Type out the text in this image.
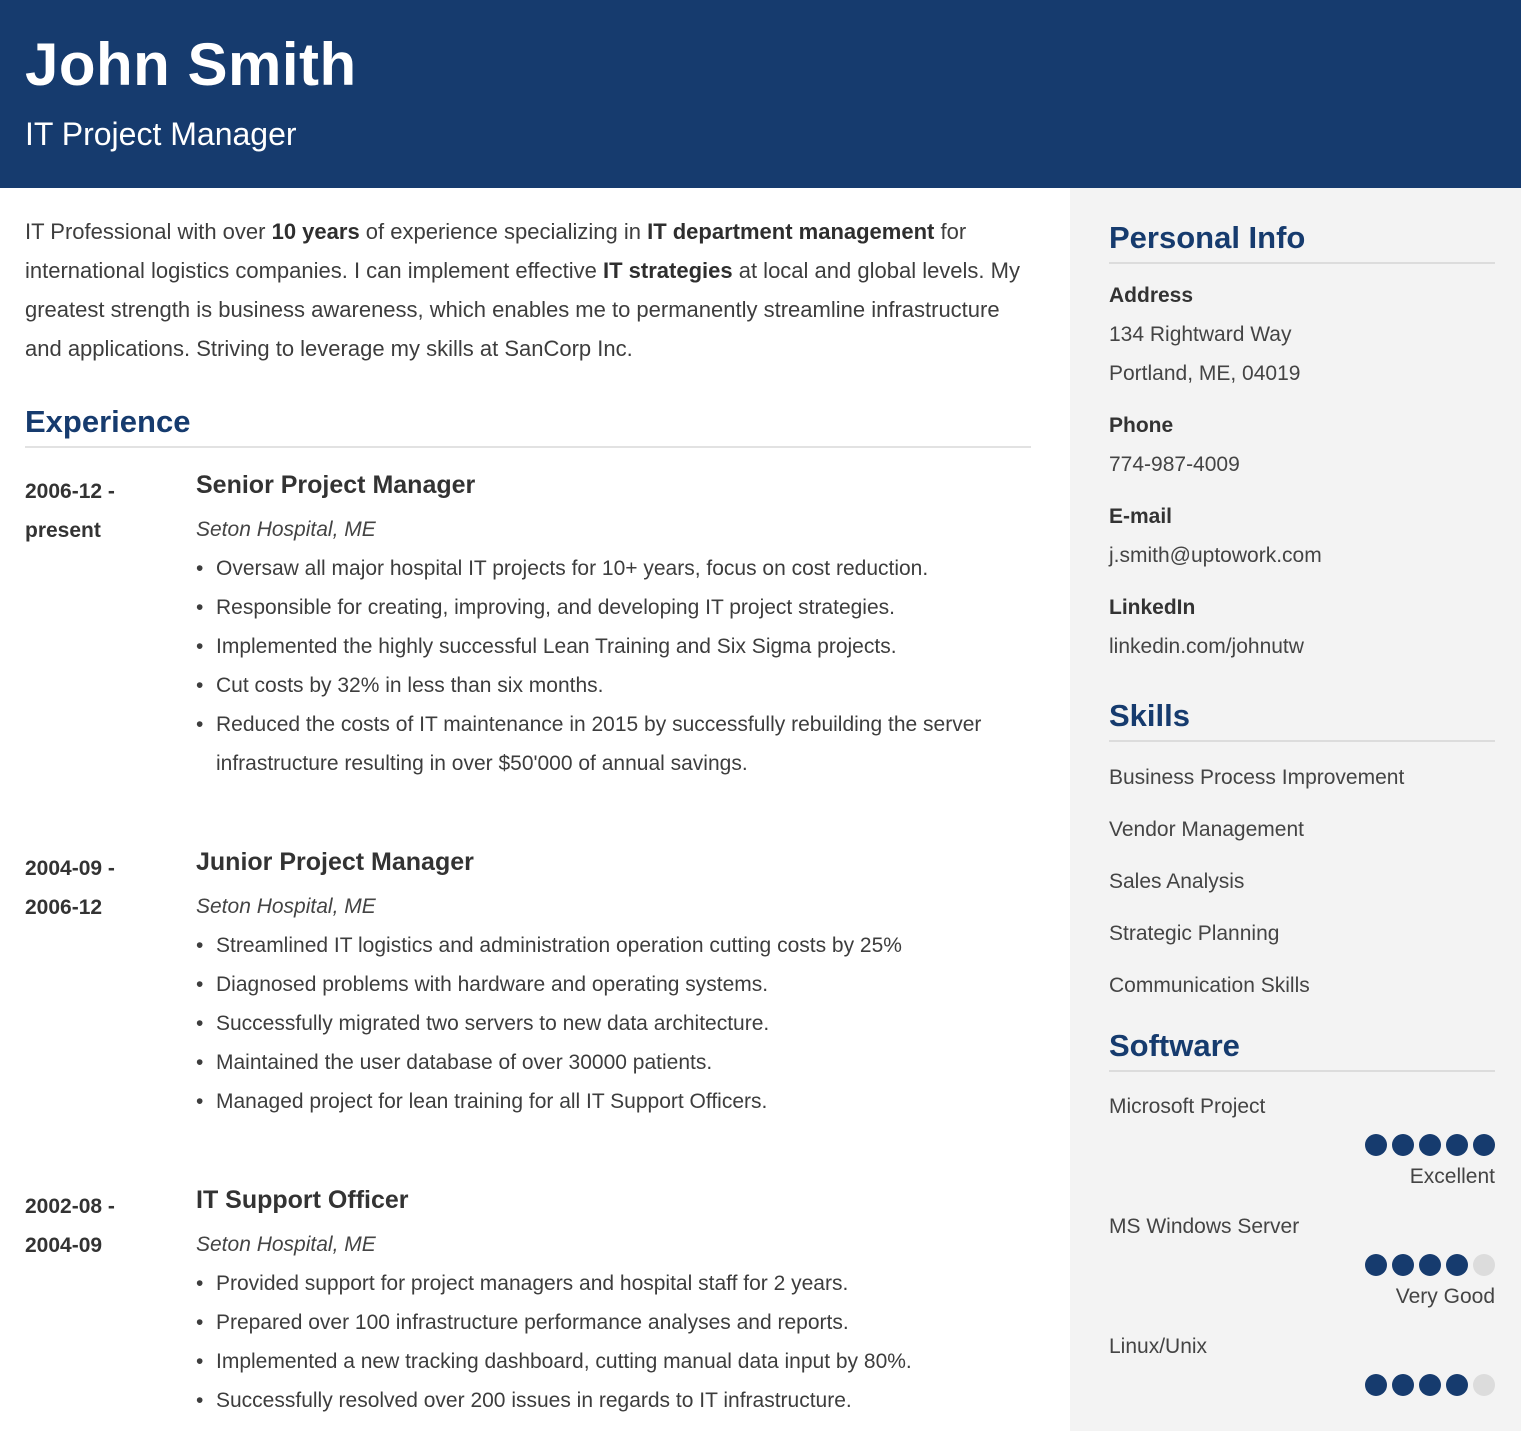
John Smith
IT Project Manager

IT Professional with over 10 years of experience specializing in IT department management for international logistics companies. I can implement effective IT strategies at local and global levels. My greatest strength is business awareness, which enables me to permanently streamline infrastructure and applications. Striving to leverage my skills at SanCorp Inc.

Experience
2006-12 -
present
Senior Project Manager
Seton Hospital, ME
• Oversaw all major hospital IT projects for 10+ years, focus on cost reduction.
• Responsible for creating, improving, and developing IT project strategies.
• Implemented the highly successful Lean Training and Six Sigma projects.
• Cut costs by 32% in less than six months.
• Reduced the costs of IT maintenance in 2015 by successfully rebuilding the server infrastructure resulting in over $50'000 of annual savings.
2004-09 -
2006-12
Junior Project Manager
Seton Hospital, ME
• Streamlined IT logistics and administration operation cutting costs by 25%
• Diagnosed problems with hardware and operating systems.
• Successfully migrated two servers to new data architecture.
• Maintained the user database of over 30000 patients.
• Managed project for lean training for all IT Support Officers.
2002-08 -
2004-09
IT Support Officer
Seton Hospital, ME
• Provided support for project managers and hospital staff for 2 years.
• Prepared over 100 infrastructure performance analyses and reports.
• Implemented a new tracking dashboard, cutting manual data input by 80%.
• Successfully resolved over 200 issues in regards to IT infrastructure.
Personal Info
Address
134 Rightward Way
Portland, ME, 04019
Phone
774-987-4009
E-mail
j.smith@uptowork.com
LinkedIn
linkedin.com/johnutw
Skills
Business Process Improvement
Vendor Management
Sales Analysis
Strategic Planning
Communication Skills
Software
Microsoft Project
Excellent
MS Windows Server
Very Good
Linux/Unix
